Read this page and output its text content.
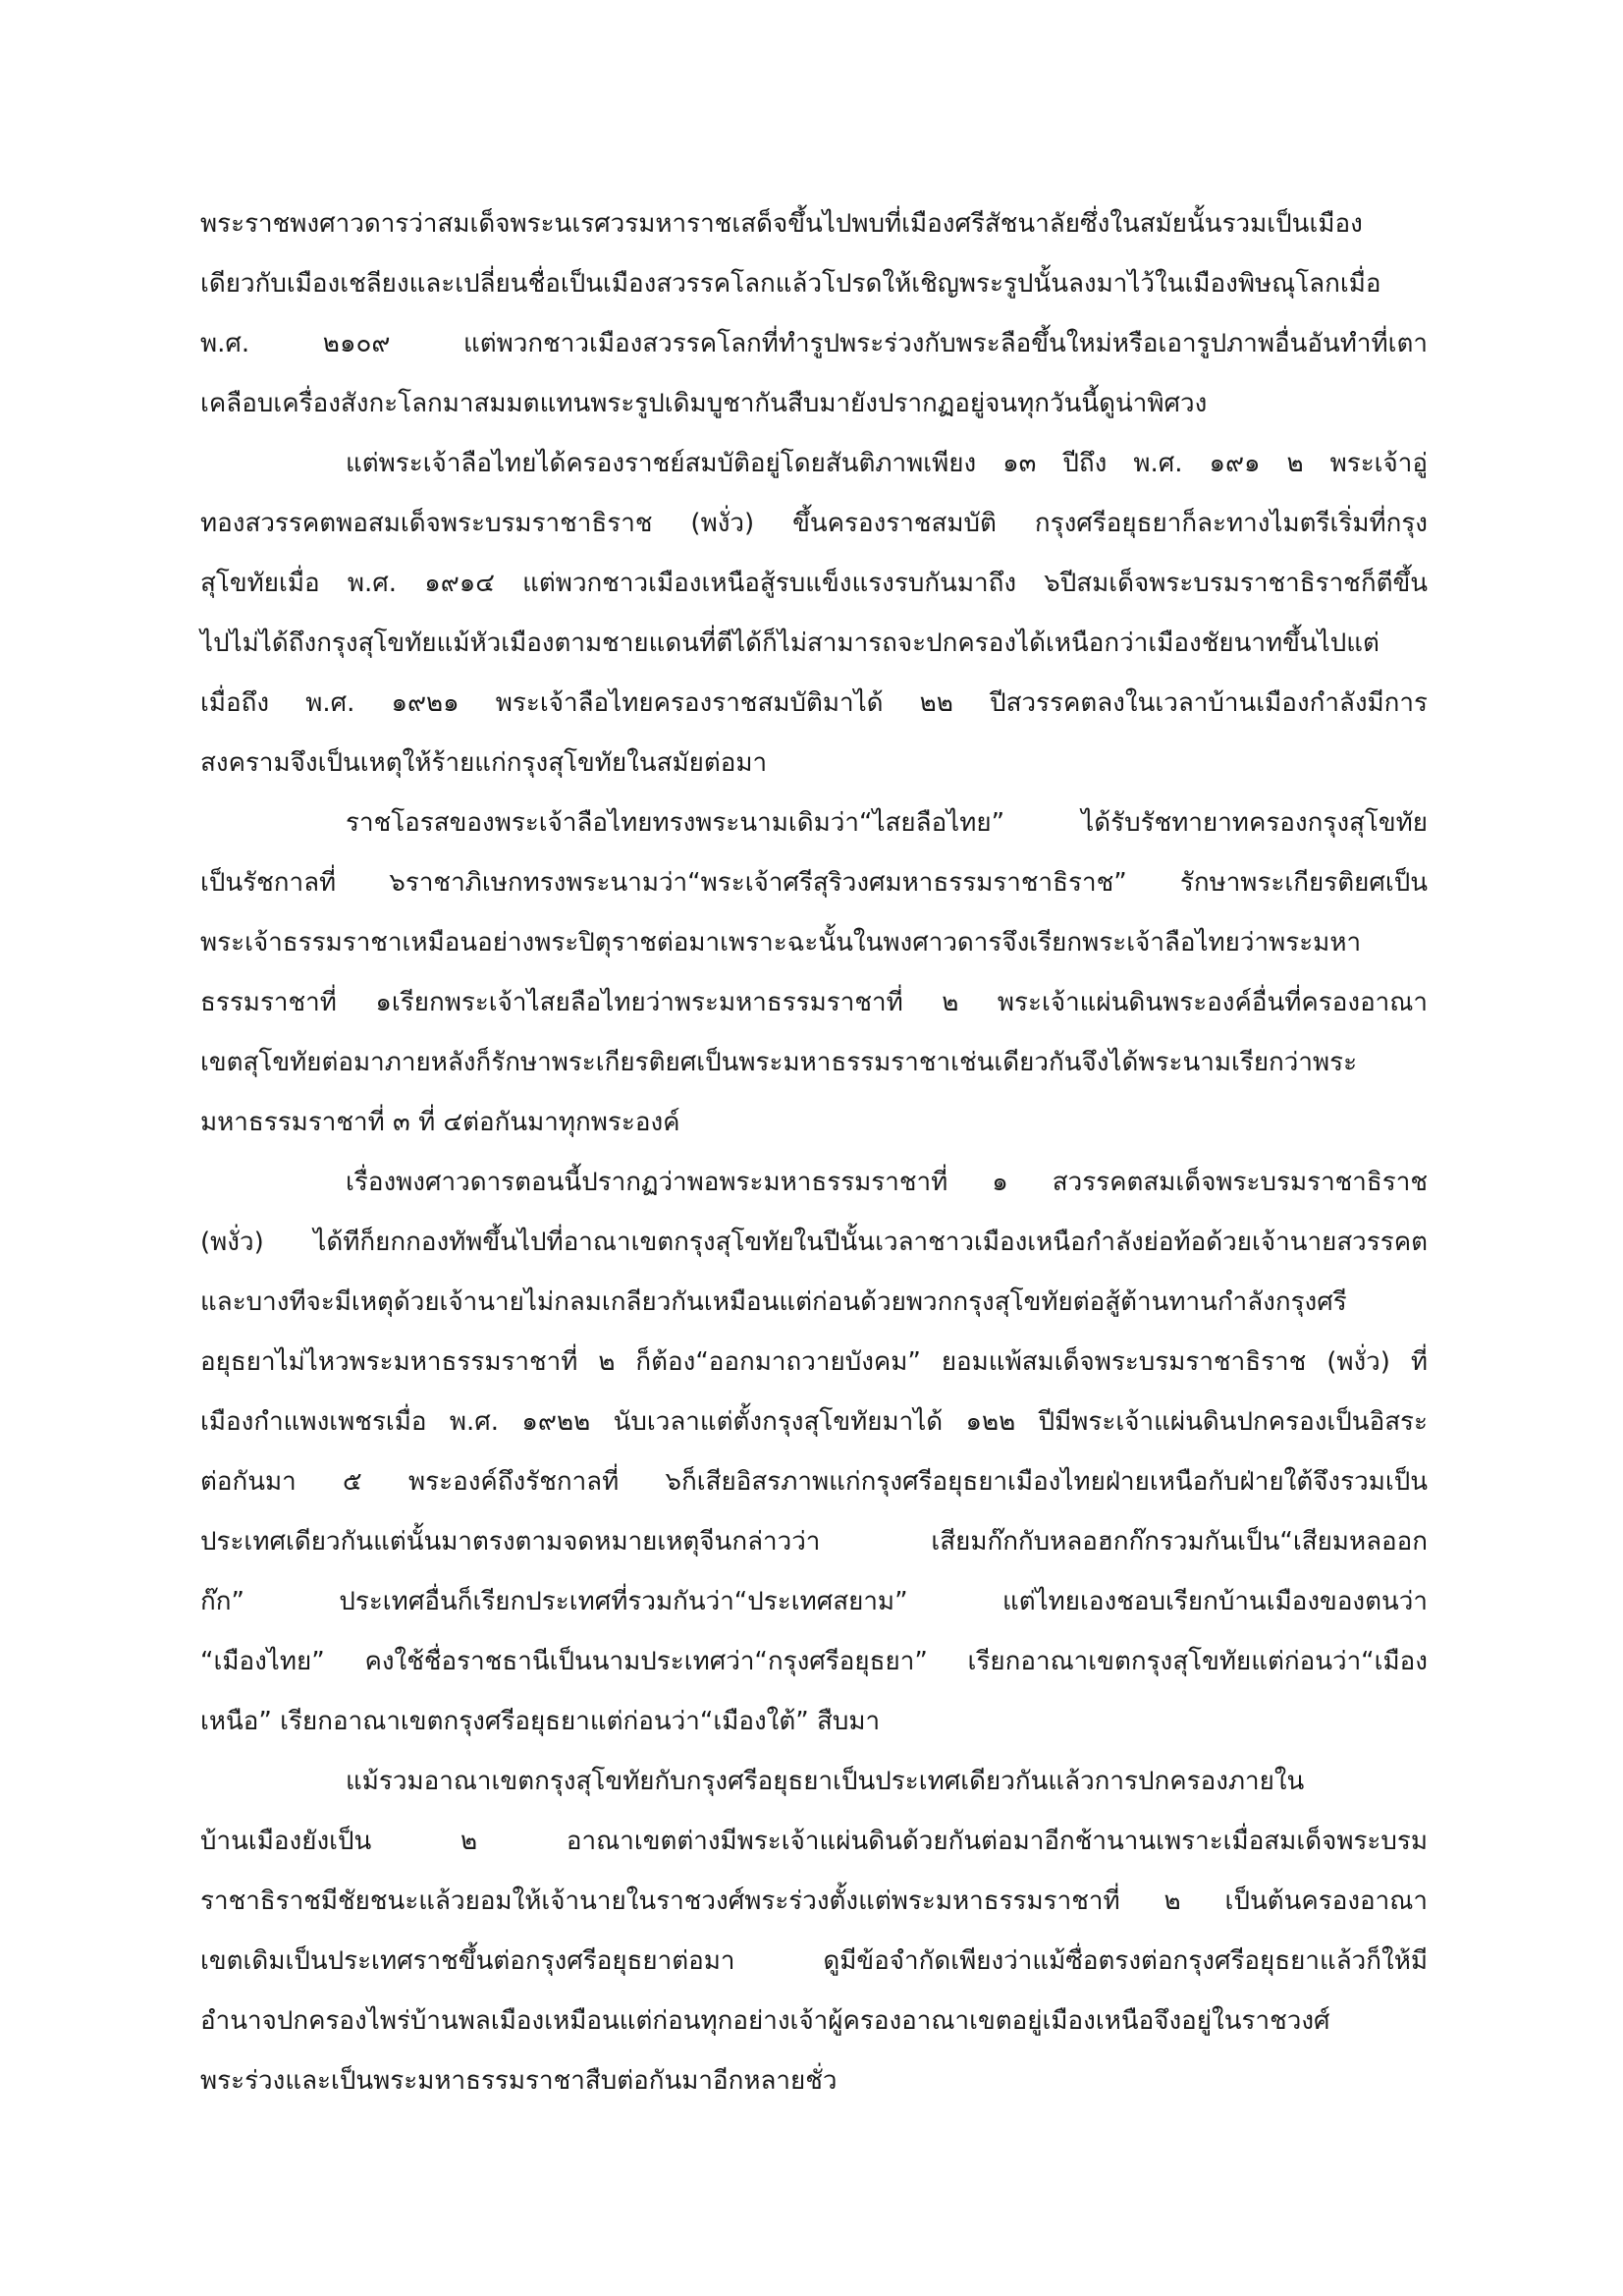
พระราชพงศาวดารว่าสมเด็จพระนเรศวรมหาราชเสด็จขึ้นไปพบที่เมืองศรีสัชนาลัยซึ่งในสมัยนั้นรวมเป็นเมือง
เดียวกับเมืองเชลียงและเปลี่ยนชื่อเป็นเมืองสวรรคโลกแล้วโปรดให้เชิญพระรูปนั้นลงมาไว้ในเมืองพิษณุโลกเมื่อ
พ.ศ. ๒๑๐๙ แต่พวกชาวเมืองสวรรคโลกที่ทำรูปพระร่วงกับพระลือขึ้นใหม่หรือเอารูปภาพอื่นอันทำที่เตา
เคลือบเครื่องสังกะโลกมาสมมตแทนพระรูปเดิมบูชากันสืบมายังปรากฏอยู่จนทุกวันนี้ดูน่าพิศวง
แต่พระเจ้าลือไทยได้ครองราชย์สมบัติอยู่โดยสันติภาพเพียง ๑๓ ปีถึง พ.ศ. ๑๙๑ ๒ พระเจ้าอู่
ทองสวรรคตพอสมเด็จพระบรมราชาธิราช (พงั่ว) ขึ้นครองราชสมบัติ กรุงศรีอยุธยาก็ละทางไมตรีเริ่มที่กรุง
สุโขทัยเมื่อ พ.ศ. ๑๙๑๔ แต่พวกชาวเมืองเหนือสู้รบแข็งแรงรบกันมาถึง ๖ปีสมเด็จพระบรมราชาธิราชก็ตีขึ้น
ไปไม่ได้ถึงกรุงสุโขทัยแม้หัวเมืองตามชายแดนที่ตีได้ก็ไม่สามารถจะปกครองได้เหนือกว่าเมืองชัยนาทขึ้นไปแต่
เมื่อถึง พ.ศ. ๑๙๒๑ พระเจ้าลือไทยครองราชสมบัติมาได้ ๒๒ ปีสวรรคตลงในเวลาบ้านเมืองกำลังมีการ
สงครามจึงเป็นเหตุให้ร้ายแก่กรุงสุโขทัยในสมัยต่อมา
ราชโอรสของพระเจ้าลือไทยทรงพระนามเดิมว่า“ไสยลือไทย” ได้รับรัชทายาทครองกรุงสุโขทัย
เป็นรัชกาลที่ ๖ราชาภิเษกทรงพระนามว่า“พระเจ้าศรีสุริวงศมหาธรรมราชาธิราช” รักษาพระเกียรติยศเป็น
พระเจ้าธรรมราชาเหมือนอย่างพระปิตุราชต่อมาเพราะฉะนั้นในพงศาวดารจึงเรียกพระเจ้าลือไทยว่าพระมหา
ธรรมราชาที่ ๑เรียกพระเจ้าไสยลือไทยว่าพระมหาธรรมราชาที่ ๒ พระเจ้าแผ่นดินพระองค์อื่นที่ครองอาณา
เขตสุโขทัยต่อมาภายหลังก็รักษาพระเกียรติยศเป็นพระมหาธรรมราชาเช่นเดียวกันจึงได้พระนามเรียกว่าพระ
มหาธรรมราชาที่ ๓ ที่ ๔ต่อกันมาทุกพระองค์
เรื่องพงศาวดารตอนนี้ปรากฏว่าพอพระมหาธรรมราชาที่ ๑ สวรรคตสมเด็จพระบรมราชาธิราช
(พงั่ว) ได้ทีก็ยกกองทัพขึ้นไปที่อาณาเขตกรุงสุโขทัยในปีนั้นเวลาชาวเมืองเหนือกำลังย่อท้อด้วยเจ้านายสวรรคต
และบางทีจะมีเหตุด้วยเจ้านายไม่กลมเกลียวกันเหมือนแต่ก่อนด้วยพวกกรุงสุโขทัยต่อสู้ต้านทานกำลังกรุงศรี
อยุธยาไม่ไหวพระมหาธรรมราชาที่ ๒ ก็ต้อง“ออกมาถวายบังคม” ยอมแพ้สมเด็จพระบรมราชาธิราช (พงั่ว) ที่
เมืองกำแพงเพชรเมื่อ พ.ศ. ๑๙๒๒ นับเวลาแต่ตั้งกรุงสุโขทัยมาได้ ๑๒๒ ปีมีพระเจ้าแผ่นดินปกครองเป็นอิสระ
ต่อกันมา ๕ พระองค์ถึงรัชกาลที่ ๖ก็เสียอิสรภาพแก่กรุงศรีอยุธยาเมืองไทยฝ่ายเหนือกับฝ่ายใต้จึงรวมเป็น
ประเทศเดียวกันแต่นั้นมาตรงตามจดหมายเหตุจีนกล่าวว่า เสียมก๊กกับหลอฮกก๊กรวมกันเป็น“เสียมหลออก
ก๊ก” ประเทศอื่นก็เรียกประเทศที่รวมกันว่า“ประเทศสยาม” แต่ไทยเองชอบเรียกบ้านเมืองของตนว่า
“เมืองไทย” คงใช้ชื่อราชธานีเป็นนามประเทศว่า“กรุงศรีอยุธยา” เรียกอาณาเขตกรุงสุโขทัยแต่ก่อนว่า“เมือง
เหนือ” เรียกอาณาเขตกรุงศรีอยุธยาแต่ก่อนว่า“เมืองใต้” สืบมา
แม้รวมอาณาเขตกรุงสุโขทัยกับกรุงศรีอยุธยาเป็นประเทศเดียวกันแล้วการปกครองภายใน
บ้านเมืองยังเป็น ๒ อาณาเขตต่างมีพระเจ้าแผ่นดินด้วยกันต่อมาอีกช้านานเพราะเมื่อสมเด็จพระบรม
ราชาธิราชมีชัยชนะแล้วยอมให้เจ้านายในราชวงศ์พระร่วงตั้งแต่พระมหาธรรมราชาที่ ๒ เป็นต้นครองอาณา
เขตเดิมเป็นประเทศราชขึ้นต่อกรุงศรีอยุธยาต่อมา ดูมีข้อจำกัดเพียงว่าแม้ซื่อตรงต่อกรุงศรีอยุธยาแล้วก็ให้มี
อำนาจปกครองไพร่บ้านพลเมืองเหมือนแต่ก่อนทุกอย่างเจ้าผู้ครองอาณาเขตอยู่เมืองเหนือจึงอยู่ในราชวงศ์
พระร่วงและเป็นพระมหาธรรมราชาสืบต่อกันมาอีกหลายชั่ว
